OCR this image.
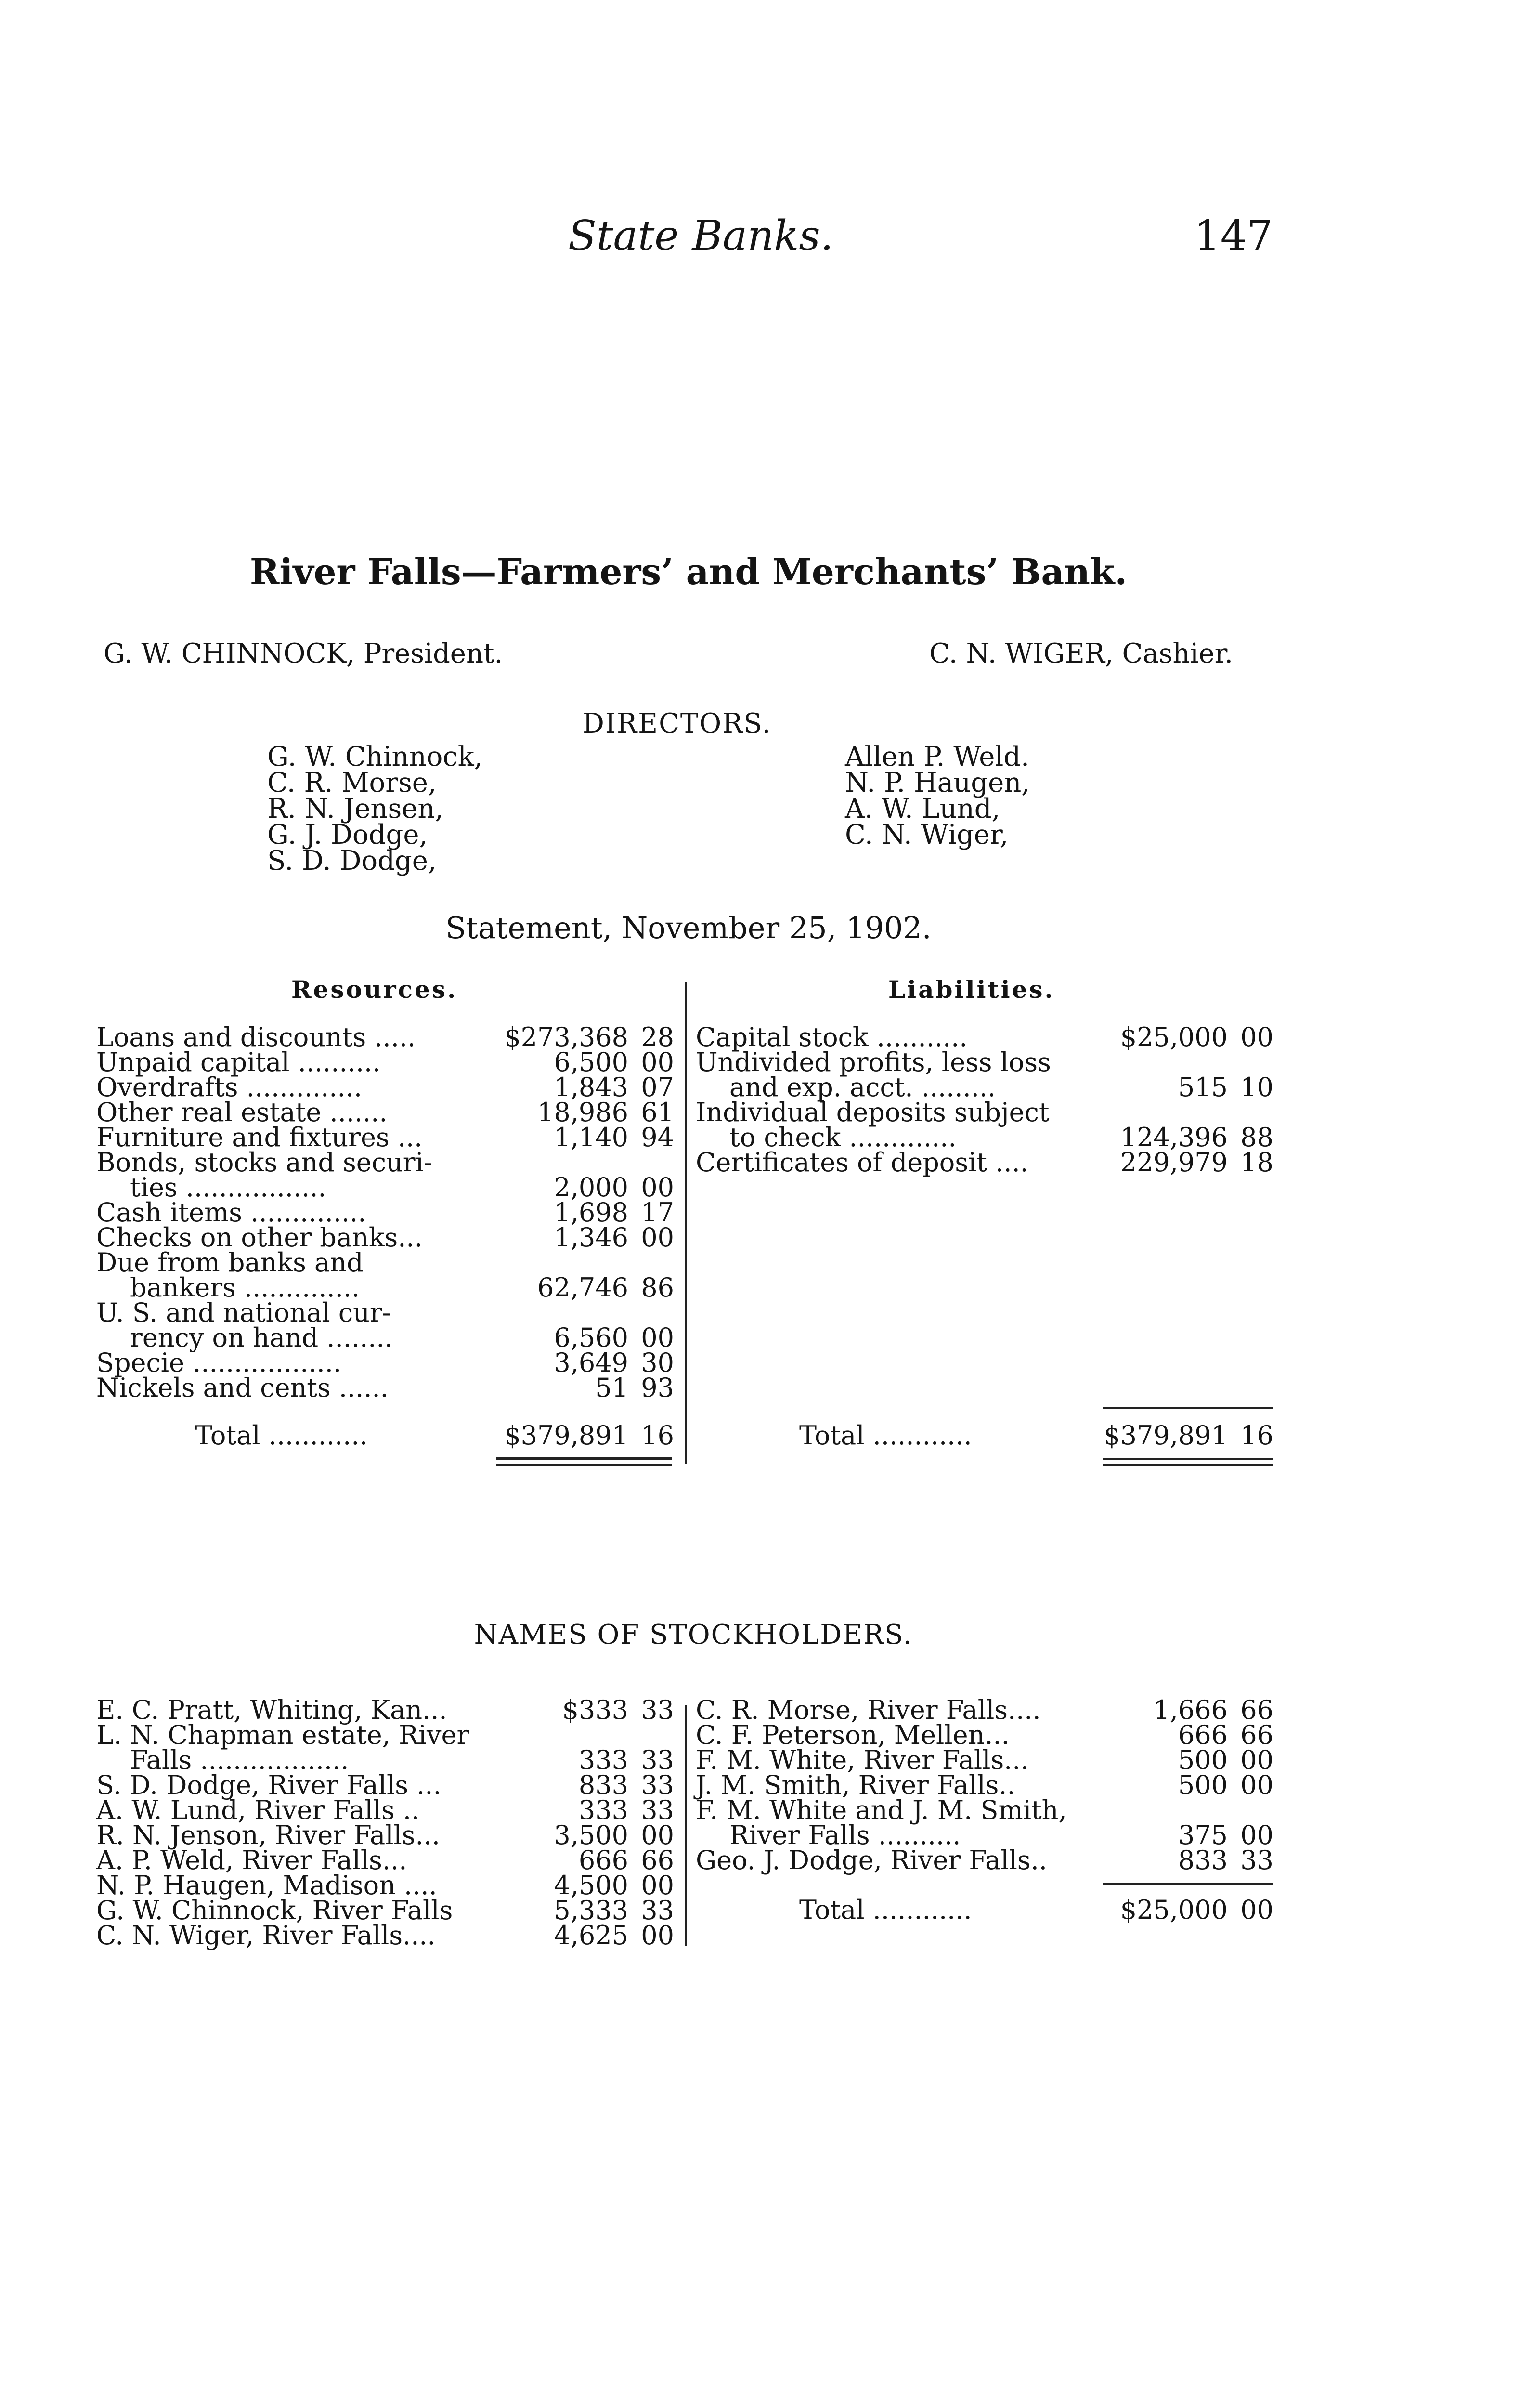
State Banks.	147
River Falls—Farmers’ and Merchants’ Bank.
G. W. CHINNOCK, President.	C. N. WIGER, Cashier.
DIRECTORS.
G. W. Chinnock,
C. R. Morse,
R. N. Jensen,
G. J. Dodge,
S. D. Dodge,
Allen P. Weld.
N. P. Haugen,
A. W. Lund,
C. N. Wiger,
Statement, November 25, 1902.
Resources.
Loans and discounts .....	$273,368 28
Unpaid capital ..........	6,500 00
Overdrafts ..............	1,843 07
Other real estate .......	18,986 61
Furniture and fixtures ...	1,140 94
Bonds, stocks and securi-
ties .................	2,000 00
Cash items ..............	1,698 17
Checks on other banks...	1,346 00
Due from banks and
bankers ..............	62,746 86
U. S. and national cur-
rency on hand ........	6,560 00
Specie ..................	3,649 30
Nickels and cents ......	51 93
Total ............	$379,891 16
Liabilities.
Capital stock ...........	$25,000 00
Undivided profits, less loss
and exp. acct. .........	515 10
Individual deposits subject
to check .............	124,396 88
Certificates of deposit ....	229,979 18
Total ............	$379,891 16
NAMES OF STOCKHOLDERS.
E. C. Pratt, Whiting, Kan...	$333 33
L. N. Chapman estate, River
Falls ..................	333 33
S. D. Dodge, River Falls ...	833 33
A. W. Lund, River Falls ..	333 33
R. N. Jenson, River Falls...	3,500 00
A. P. Weld, River Falls...	666 66
N. P. Haugen, Madison ....	4,500 00
G. W. Chinnock, River Falls	5,333 33
C. N. Wiger, River Falls....	4,625 00
C. R. Morse, River Falls....	1,666 66
C. F. Peterson, Mellen...	666 66
F. M. White, River Falls...	500 00
J. M. Smith, River Falls..	500 00
F. M. White and J. M. Smith,
River Falls ..........	375 00
Geo. J. Dodge, River Falls..	833 33
Total ............	$25,000 00
